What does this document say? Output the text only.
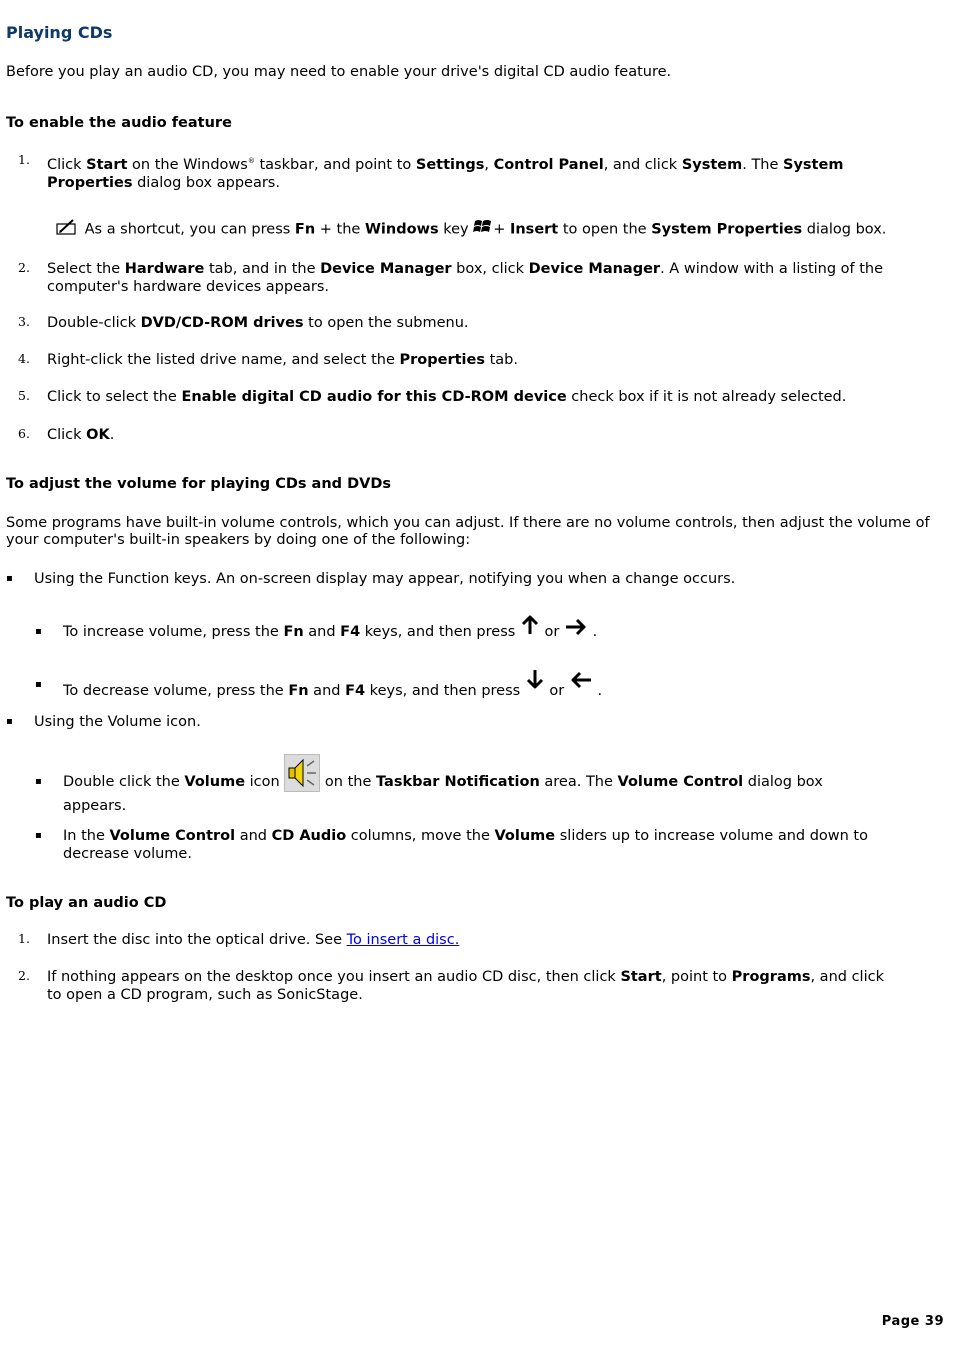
Playing CDs

Before you play an audio CD, you may need to enable your drive's digital CD audio feature.

To enable the audio feature
1. Click Start on the Windows® taskbar, and point to Settings, Control Panel, and click System. The System Properties dialog box appears.
As a shortcut, you can press Fn + the Windows key + Insert to open the System Properties dialog box.
2. Select the Hardware tab, and in the Device Manager box, click Device Manager. A window with a listing of the computer's hardware devices appears.
3. Double-click DVD/CD-ROM drives to open the submenu.
4. Right-click the listed drive name, and select the Properties tab.
5. Click to select the Enable digital CD audio for this CD-ROM device check box if it is not already selected.
6. Click OK.
To adjust the volume for playing CDs and DVDs

Some programs have built-in volume controls, which you can adjust. If there are no volume controls, then adjust the volume of your computer's built-in speakers by doing one of the following:

▪ Using the Function keys. An on-screen display may appear, notifying you when a change occurs.
▪ To increase volume, press the Fn and F4 keys, and then press  or .
▪ To decrease volume, press the Fn and F4 keys, and then press  or .
▪ Using the Volume icon.
▪ Double click the Volume icon  on the Taskbar Notification area. The Volume Control dialog box appears.
▪ In the Volume Control and CD Audio columns, move the Volume sliders up to increase volume and down to decrease volume.
To play an audio CD
1. Insert the disc into the optical drive. See To insert a disc.
2. If nothing appears on the desktop once you insert an audio CD disc, then click Start, point to Programs, and click to open a CD program, such as SonicStage.
Page 39
